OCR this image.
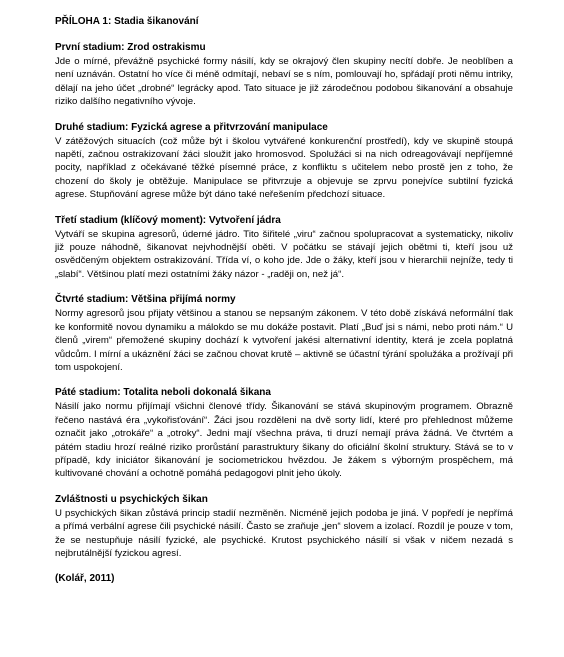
PŘÍLOHA 1: Stadia šikanování
První stadium: Zrod ostrakismu
Jde o mírné, převážně psychické formy násilí, kdy se okrajový člen skupiny necítí dobře. Je neoblíben a není uznáván. Ostatní ho více či méně odmítají, nebaví se s ním, pomlouvají ho, spřádají proti němu intriky, dělají na jeho účet „drobné“ legrácky apod. Tato situace je již zárodečnou podobou šikanování a obsahuje riziko dalšího negativního vývoje.
Druhé stadium: Fyzická agrese a přitvrzování manipulace
V zátěžových situacích (což může být i školou vytvářené konkurenční prostředí), kdy ve skupině stoupá napětí, začnou ostrakizovaní žáci sloužit jako hromosvod. Spolužáci si na nich odreagovávají nepříjemné pocity, například z očekávané těžké písemné práce, z konfliktu s učitelem nebo prostě jen z toho, že chození do školy je obtěžuje. Manipulace se přitvrzuje a objevuje se zprvu ponejvíce subtilní fyzická agrese. Stupňování agrese může být dáno také neřešením předchozí situace.
Třetí stadium (klíčový moment): Vytvoření jádra
Vytváří se skupina agresorů, úderné jádro. Tito šiřitelé „viru“ začnou spolupracovat a systematicky, nikoliv již pouze náhodně, šikanovat nejvhodnější oběti. V počátku se stávají jejich obětmi ti, kteří jsou už osvědčeným objektem ostrakizování. Třída ví, o koho jde. Jde o žáky, kteří jsou v hierarchii nejníže, tedy ti „slabí“. Většinou platí mezi ostatními žáky názor - „raději on, než já“.
Čtvrté stadium: Většina přijímá normy
Normy agresorů jsou přijaty většinou a stanou se nepsaným zákonem. V této době získává neformální tlak ke konformitě novou dynamiku a málokdo se mu dokáže postavit. Platí „Buď jsi s námi, nebo proti nám.“ U členů „virem“ přemožené skupiny dochází k vytvoření jakési alternativní identity, která je zcela poplatná vůdcům. I mírní a ukáznění žáci se začnou chovat krutě – aktivně se účastní týrání spolužáka a prožívají při tom uspokojení.
Páté stadium: Totalita neboli dokonalá šikana
Násilí jako normu přijímají všichni členové třídy. Šikanování se stává skupinovým programem. Obrazně řečeno nastává éra „vykořisťování“. Žáci jsou rozděleni na dvě sorty lidí, které pro přehlednost můžeme označit jako „otrokáře“ a „otroky“. Jedni mají všechna práva, ti druzí nemají práva žádná. Ve čtvrtém a pátém stadiu hrozí reálné riziko prorůstání parastruktury šikany do oficiální školní struktury. Stává se to v případě, kdy iniciátor šikanování je sociometrickou hvězdou. Je žákem s výborným prospěchem, má kultivované chování a ochotně pomáhá pedagogovi plnit jeho úkoly.
Zvláštnosti u psychických šikan
U psychických šikan zůstává princip stadií nezměněn. Nicméně jejich podoba je jiná. V popředí je nepřímá a přímá verbální agrese čili psychické násilí. Často se zraňuje „jen“ slovem a izolací. Rozdíl je pouze v tom, že se nestupňuje násilí fyzické, ale psychické. Krutost psychického násilí si však v ničem nezadá s nejbrutálnější fyzickou agresí.
(Kolář, 2011)
